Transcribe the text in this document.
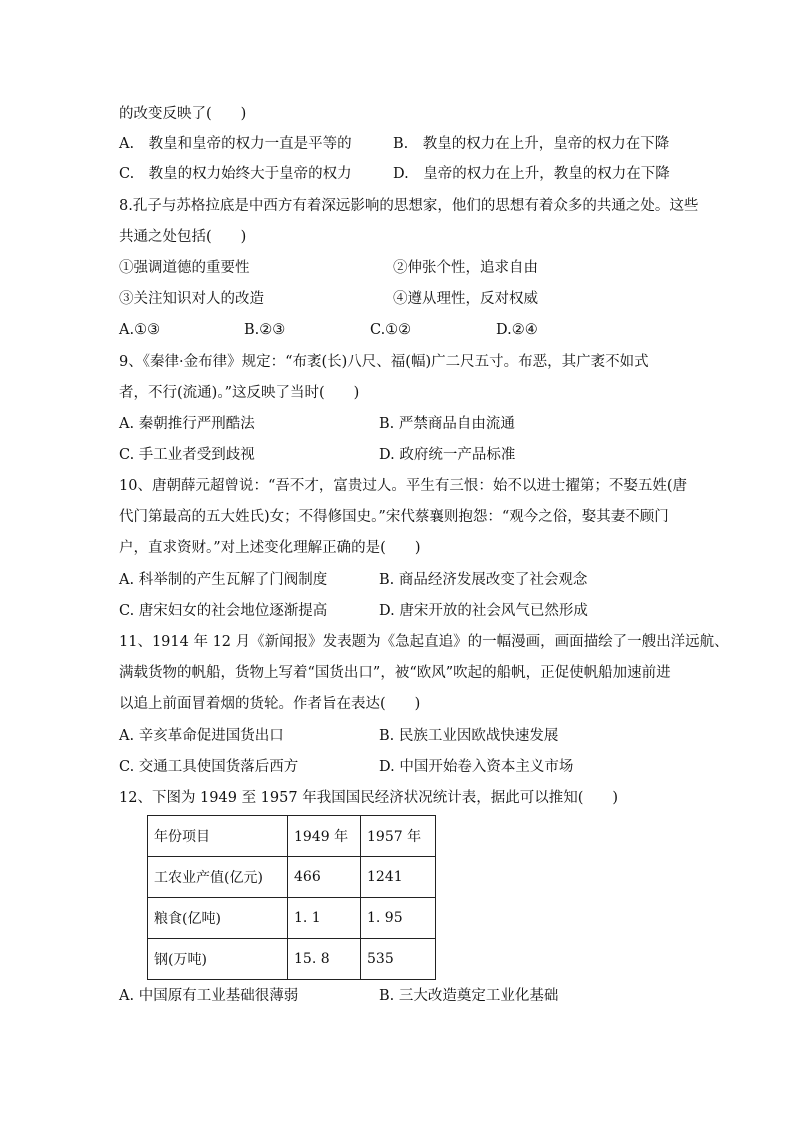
的改变反映了(　　)
A.　教皇和皇帝的权力一直是平等的	B.　教皇的权力在上升，皇帝的权力在下降
C.　教皇的权力始终大于皇帝的权力	D.　皇帝的权力在上升，教皇的权力在下降
8.孔子与苏格拉底是中西方有着深远影响的思想家，他们的思想有着众多的共通之处。这些
共通之处包括(　　)
①强调道德的重要性	②伸张个性，追求自由
③关注知识对人的改造	④遵从理性，反对权威
A.①③	B.②③	C.①②	D.②④
9、《秦律·金布律》规定：“布袤(长)八尺、福(幅)广二尺五寸。布恶，其广袤不如式
者，不行(流通)。”这反映了当时(　　)
A. 秦朝推行严刑酷法	B. 严禁商品自由流通
C. 手工业者受到歧视	D. 政府统一产品标准
10、唐朝薛元超曾说：“吾不才，富贵过人。平生有三恨：始不以进士擢第；不娶五姓(唐
代门第最高的五大姓氏)女；不得修国史。”宋代蔡襄则抱怨：“观今之俗，娶其妻不顾门
户，直求资财。”对上述变化理解正确的是(　　)
A. 科举制的产生瓦解了门阀制度	B. 商品经济发展改变了社会观念
C. 唐宋妇女的社会地位逐渐提高	D. 唐宋开放的社会风气已然形成
11、1914 年 12 月《新闻报》发表题为《急起直追》的一幅漫画，画面描绘了一艘出洋远航、
满载货物的帆船，货物上写着“国货出口”，被“欧风”吹起的船帆，正促使帆船加速前进
以追上前面冒着烟的货轮。作者旨在表达(　　)
A. 辛亥革命促进国货出口	B. 民族工业因欧战快速发展
C. 交通工具使国货落后西方	D. 中国开始卷入资本主义市场
12、下图为 1949 至 1957 年我国国民经济状况统计表，据此可以推知(　　)
年份项目	1949 年	1957 年
工农业产值(亿元)	466	1241
粮食(亿吨)	1. 1	1. 95
钢(万吨)	15. 8	535
A. 中国原有工业基础很薄弱	B. 三大改造奠定工业化基础
